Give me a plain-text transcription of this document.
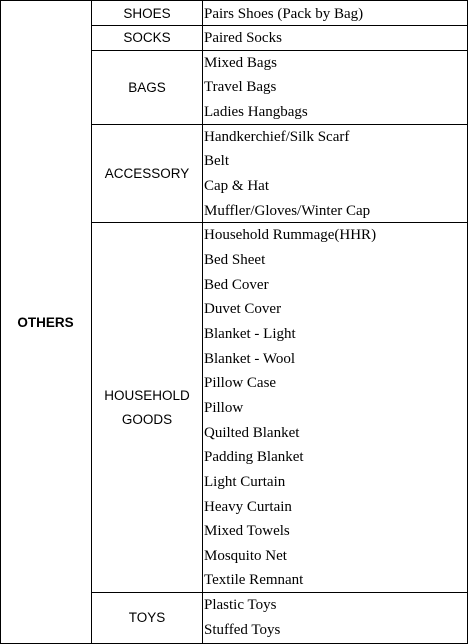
OTHERS
SHOES Pairs Shoes (Pack by Bag)
SOCKS Paired Socks
BAGS
Mixed Bags
Travel Bags
Ladies Hangbags
ACCESSORY
Handkerchief/Silk Scarf
Belt
Cap & Hat
Muffler/Gloves/Winter Cap
HOUSEHOLD
GOODS
Household Rummage(HHR)
Bed Sheet
Bed Cover
Duvet Cover
Blanket - Light
Blanket - Wool
Pillow Case
Pillow
Quilted Blanket
Padding Blanket
Light Curtain
Heavy Curtain
Mixed Towels
Mosquito Net
Textile Remnant
TOYS
Plastic Toys
Stuffed Toys
